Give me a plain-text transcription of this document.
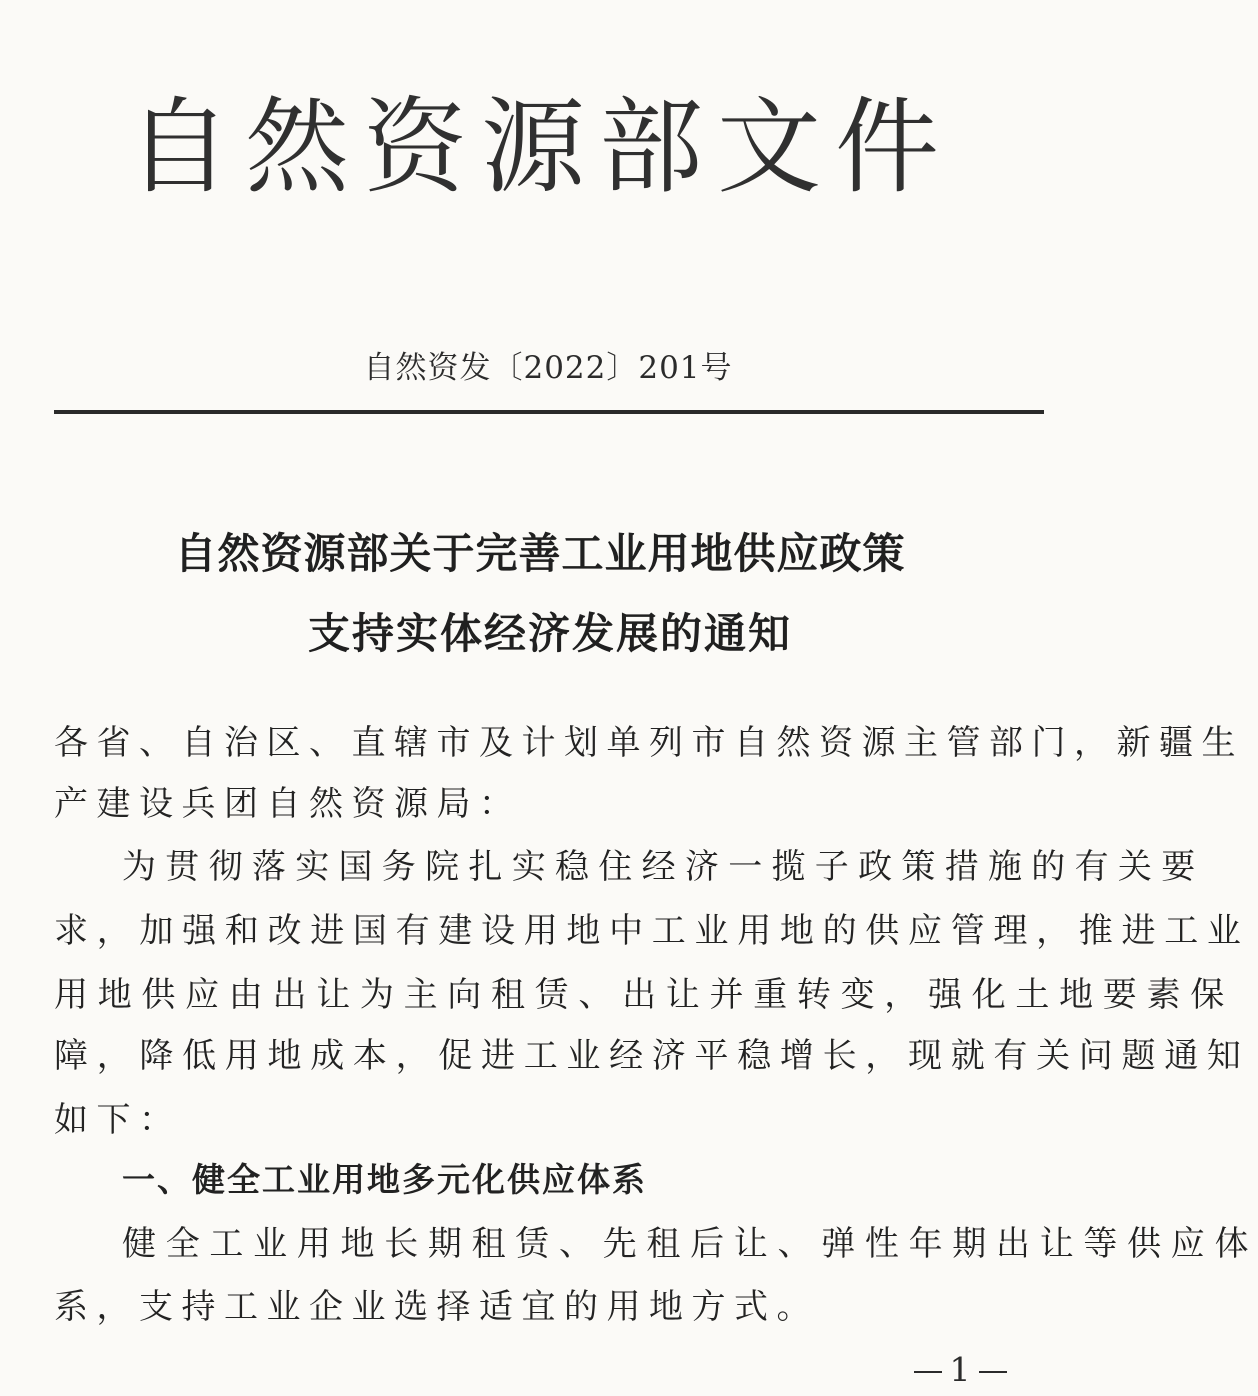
自然资源部文件
自然资发〔2022〕201号
自然资源部关于完善工业用地供应政策
支持实体经济发展的通知
各省、自治区、直辖市及计划单列市自然资源主管部门，新疆生
产建设兵团自然资源局：
为贯彻落实国务院扎实稳住经济一揽子政策措施的有关要
求，加强和改进国有建设用地中工业用地的供应管理，推进工业
用地供应由出让为主向租赁、出让并重转变，强化土地要素保
障，降低用地成本，促进工业经济平稳增长，现就有关问题通知
如下：
一、健全工业用地多元化供应体系
健全工业用地长期租赁、先租后让、弹性年期出让等供应体
系，支持工业企业选择适宜的用地方式。
1
